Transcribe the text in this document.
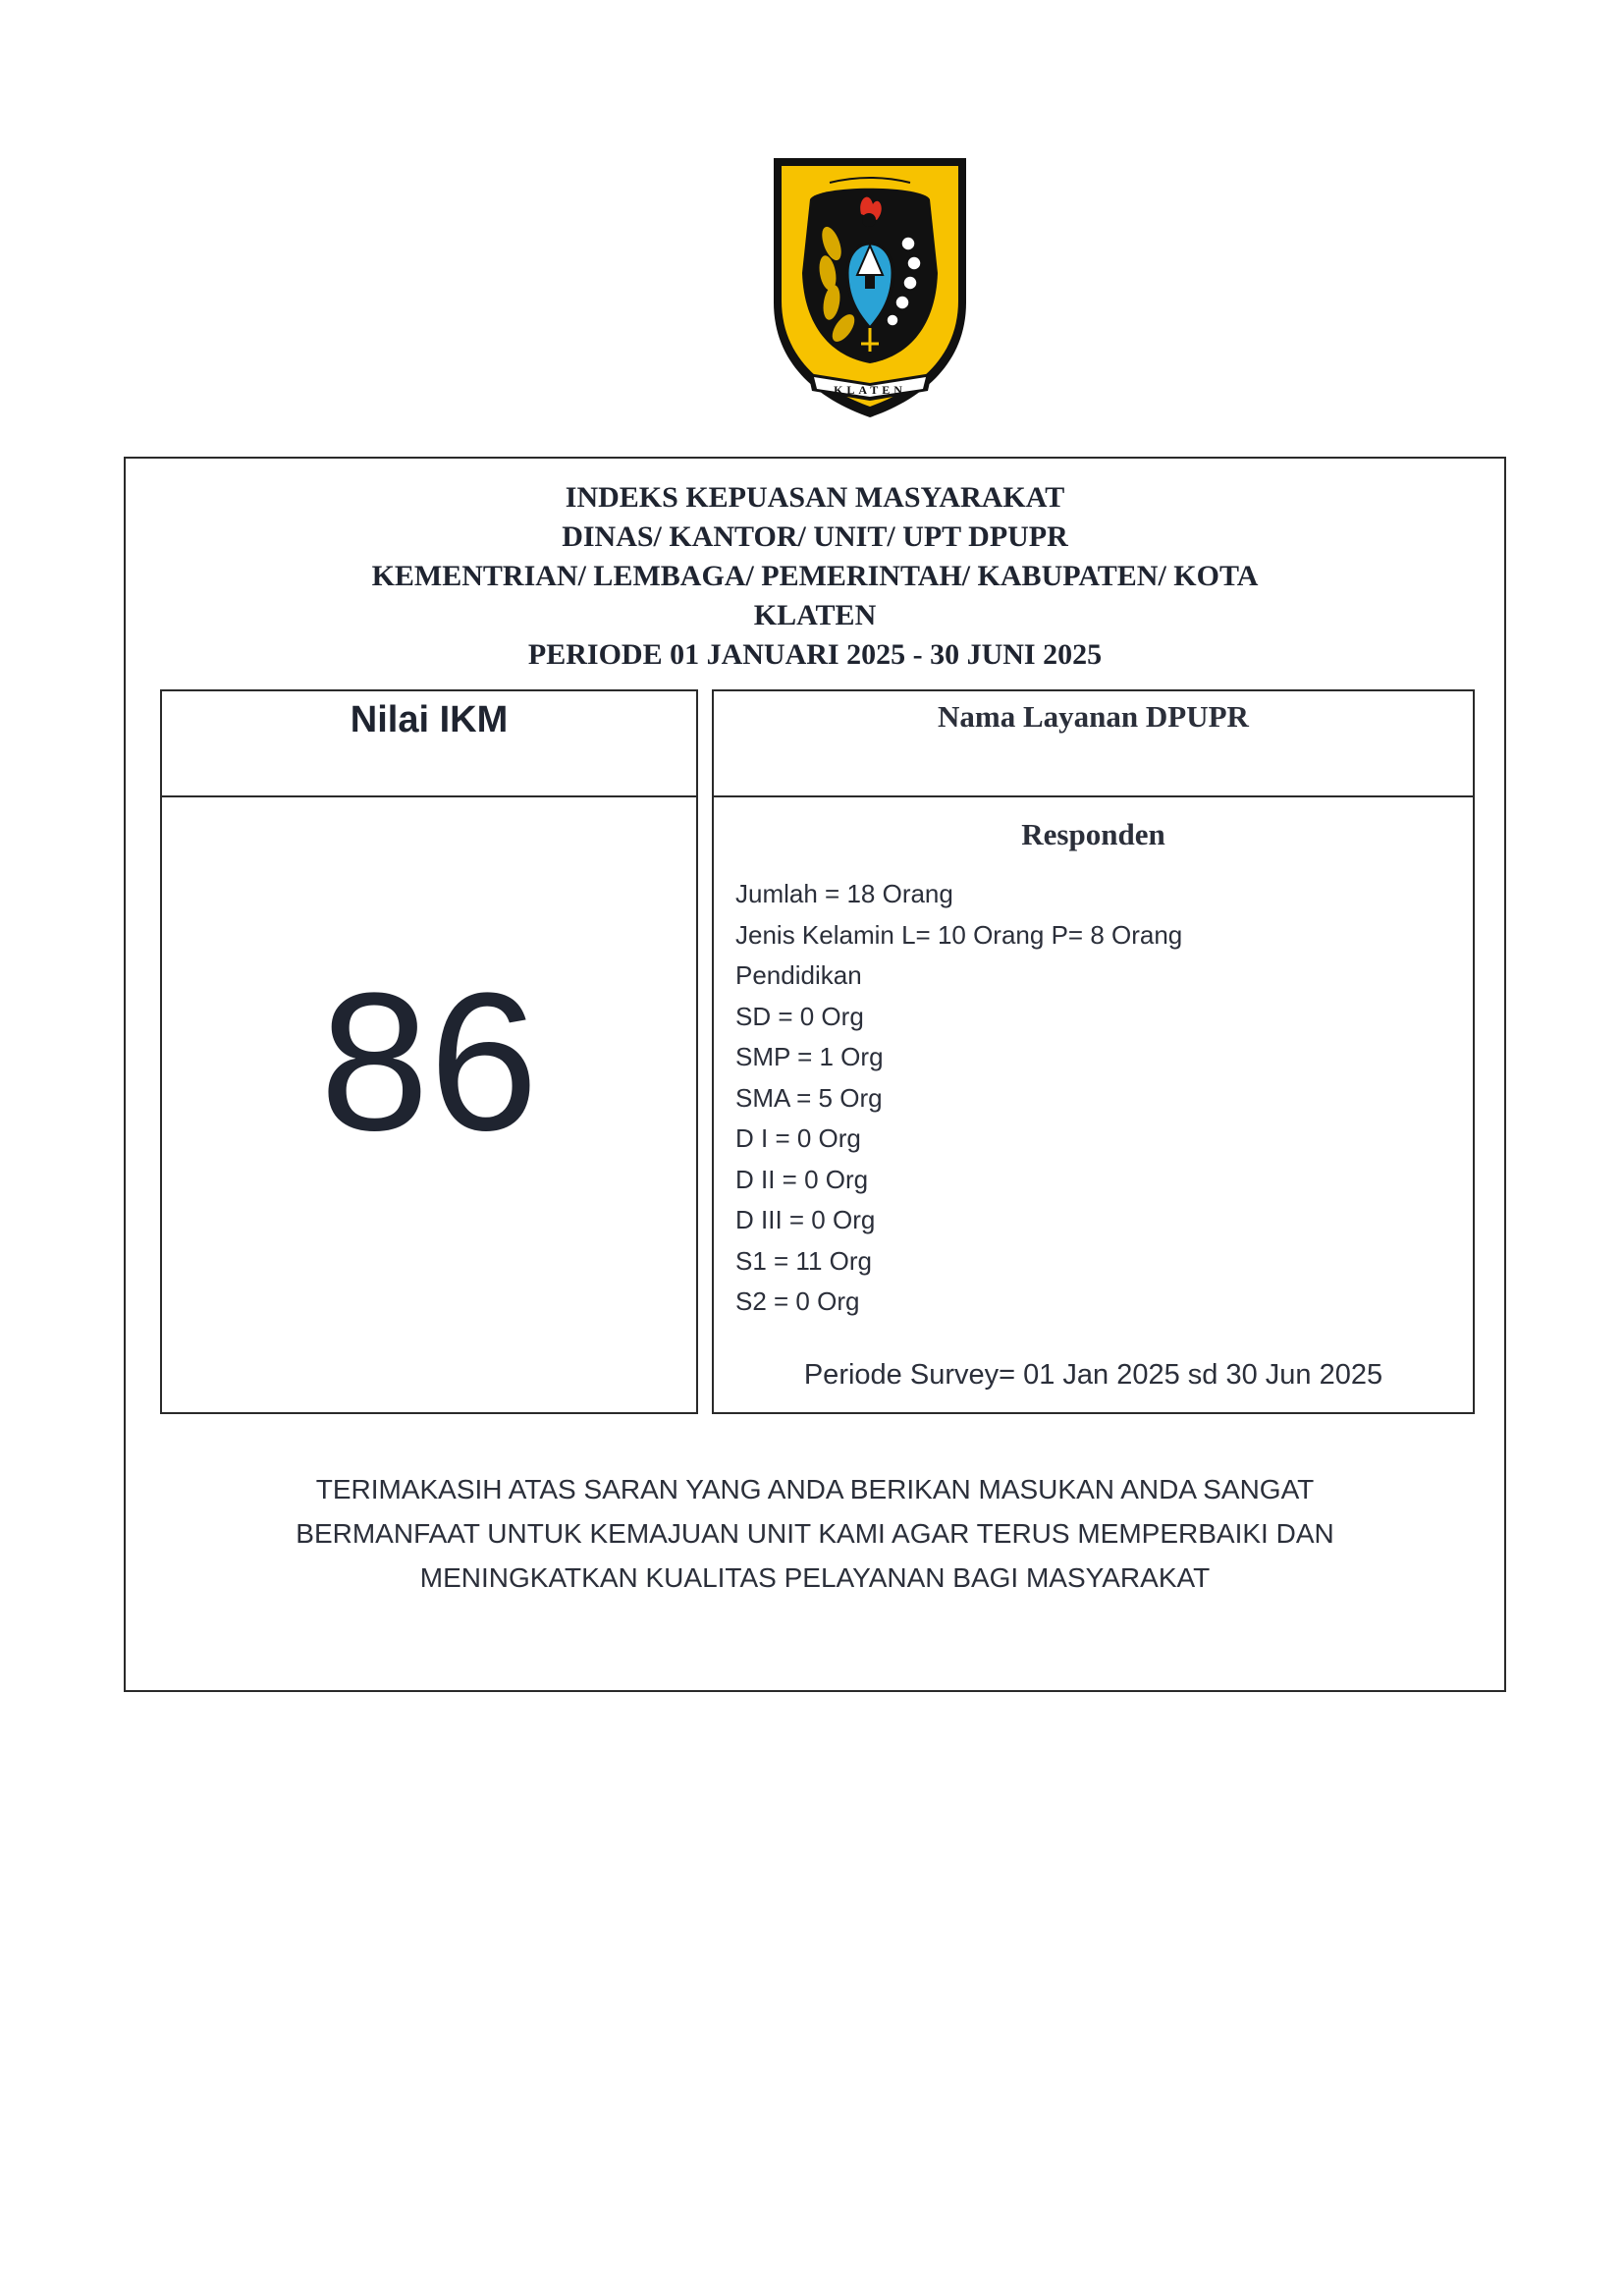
KLATEN
INDEKS KEPUASAN MASYARAKAT
DINAS/ KANTOR/ UNIT/ UPT DPUPR
KEMENTRIAN/ LEMBAGA/ PEMERINTAH/ KABUPATEN/ KOTA
KLATEN
PERIODE 01 JANUARI 2025 - 30 JUNI 2025
Nilai IKM
86
Nama Layanan DPUPR
Responden
Jumlah = 18 Orang
Jenis Kelamin L= 10 Orang P= 8 Orang
Pendidikan
SD = 0 Org
SMP = 1 Org
SMA = 5 Org
D I = 0 Org
D II = 0 Org
D III = 0 Org
S1 = 11 Org
S2 = 0 Org
Periode Survey= 01 Jan 2025 sd 30 Jun 2025
TERIMAKASIH ATAS SARAN YANG ANDA BERIKAN MASUKAN ANDA SANGAT
BERMANFAAT UNTUK KEMAJUAN UNIT KAMI AGAR TERUS MEMPERBAIKI DAN
MENINGKATKAN KUALITAS PELAYANAN BAGI MASYARAKAT
